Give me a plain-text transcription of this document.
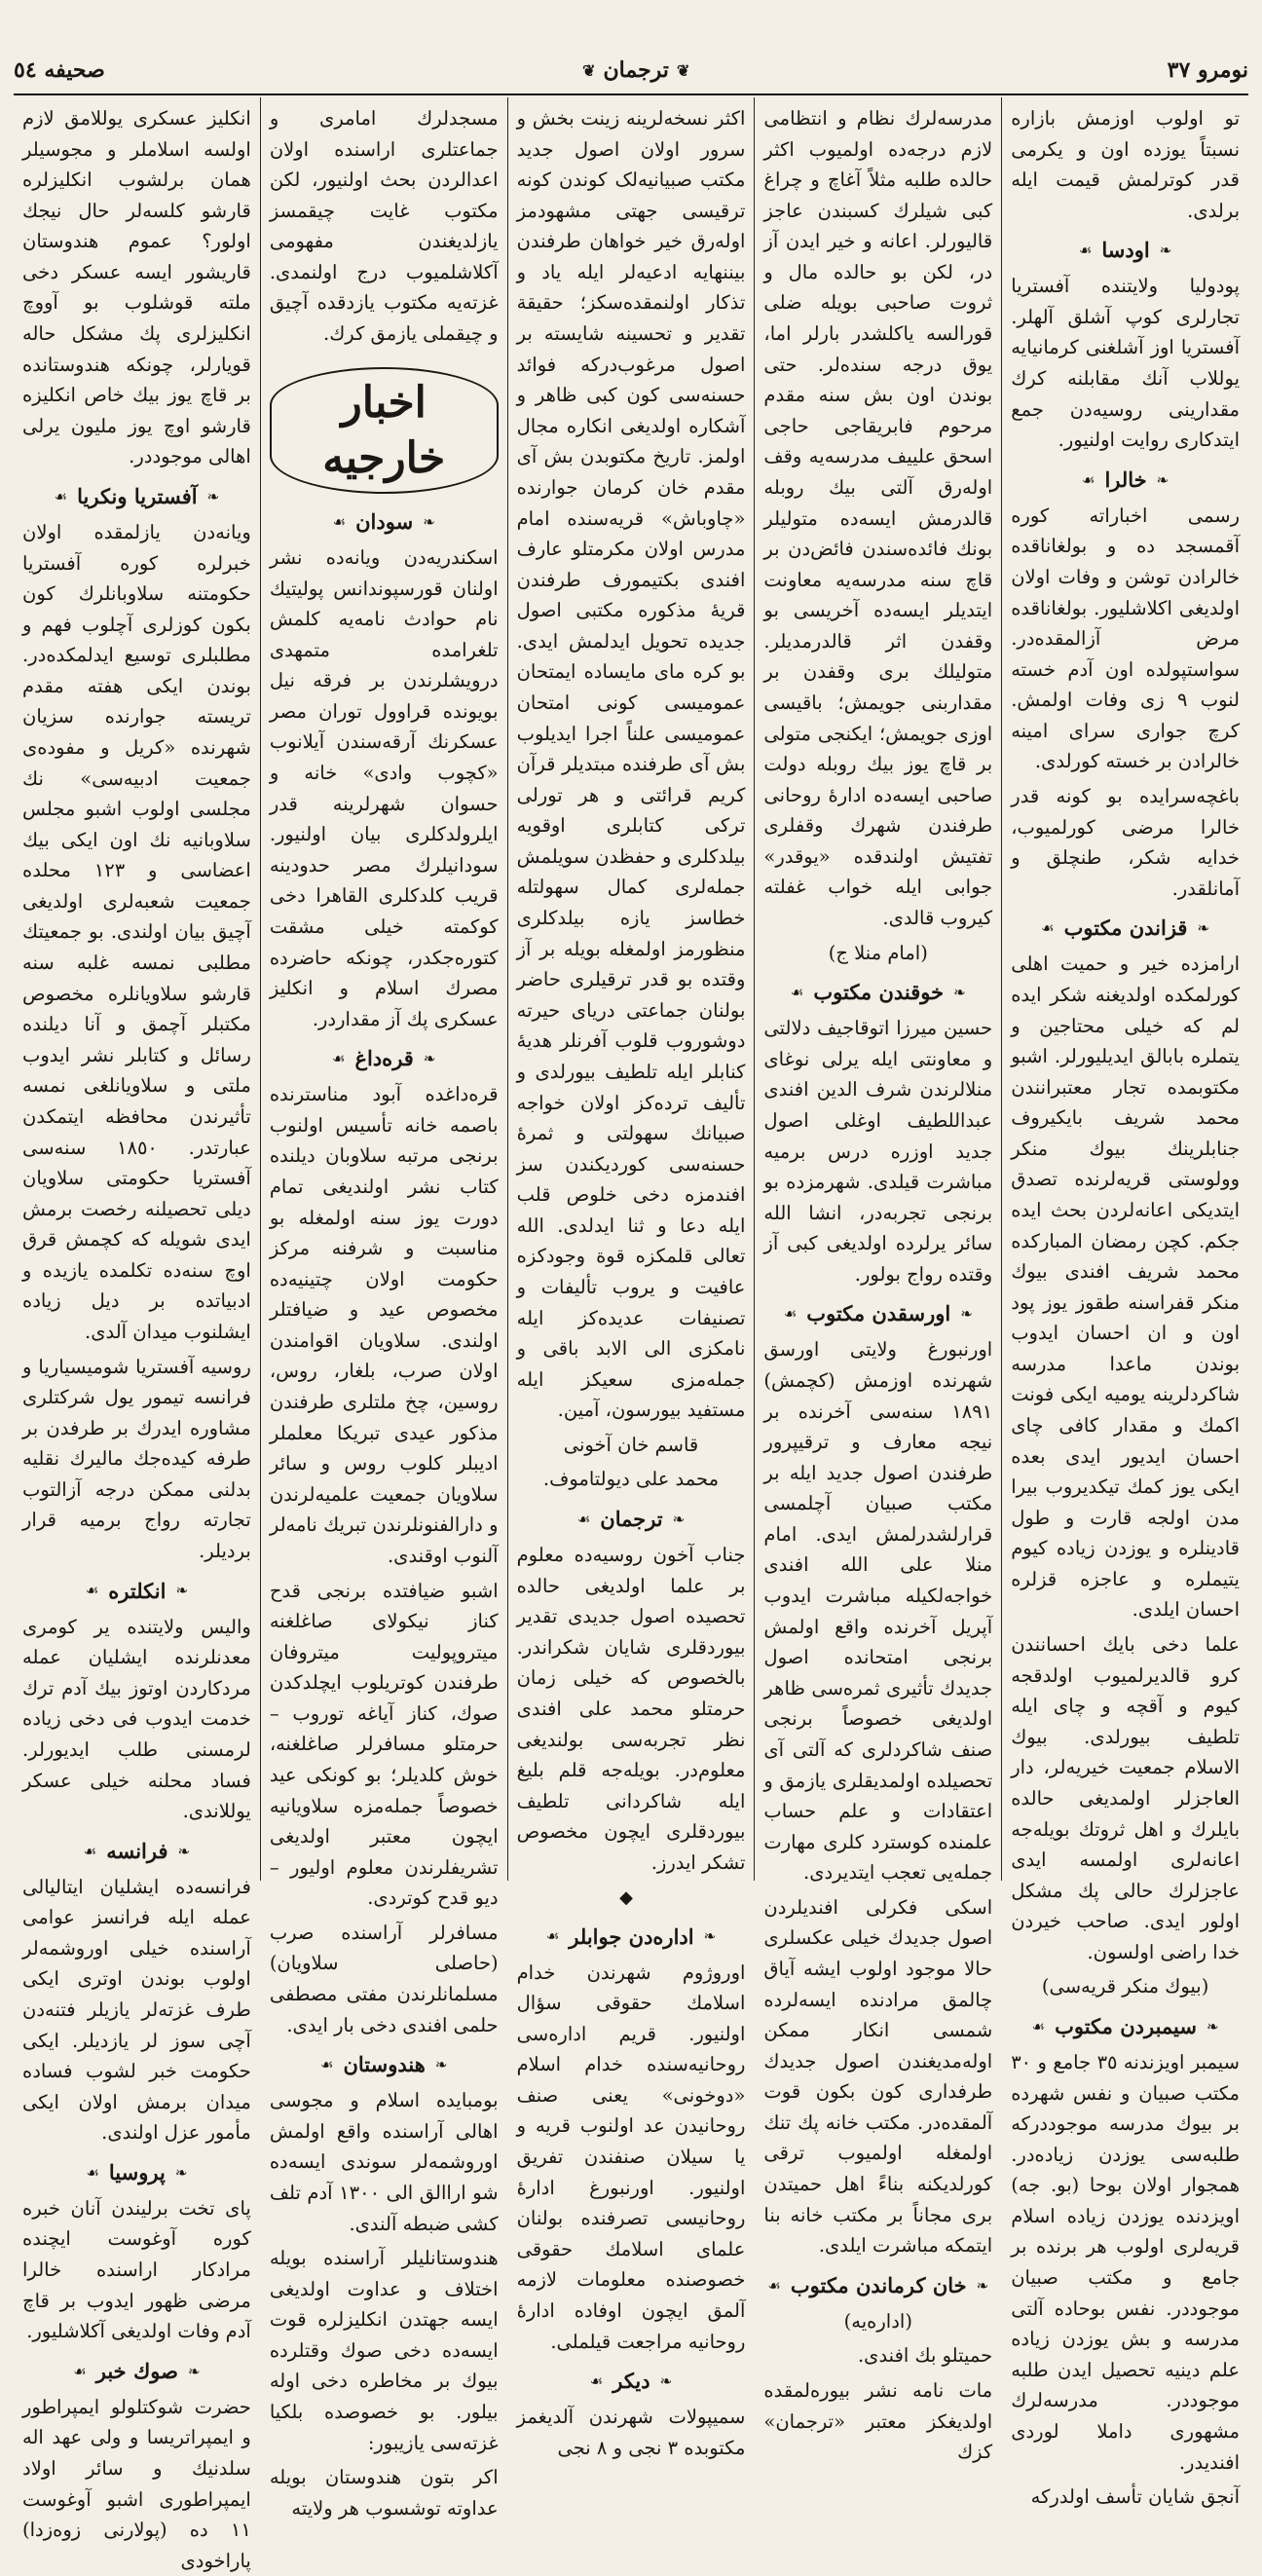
نومرو ٣٧
❦
ترجمان
❦
صحیفه ٥٤

تو اولوب اوزمش بازاره نسبتاً یوزده اون و یکرمی قدر کوترلمش قیمت ایله برلدی.

❧
اودسا
☙

پودولیا ولایتنده آفستریا تجارلری کوپ آشلق آلهلر. آفستریا اوز آشلغنی کرمانیایه یوللاب آنك مقابلنه کرك مقدارینی روسیه‌دن جمع ایتدکاری روایت اولنیور.

❧
خالرا
☙

رسمی اخباراته کوره آقمسجد ده و بولغاناقده خالرادن توشن و وفات اولان اولدیغی اکلاشلیور. بولغاناقده مرض آزالمقده‌در. سواستپولده اون آدم خسته لنوب ٩ زی وفات اولمش. کرچ جواری سرای امینه خالرادن بر خسته کورلدی.

باغچه‌سرایده بو کونه قدر خالرا مرضی کورلمیوب، خدایه شکر، طنچلق و آمانلقدر.

❧
قزاندن مکتوب
☙

ارامزده خیر و حمیت اهلی کورلمکده اولدیغنه شکر ایده لم که خیلی محتاجین و یتملره بابالق ایدیلیورلر. اشبو مکتوبمده تجار معتبرانندن محمد شریف بایکیروف جنابلرینك بیوك منکر وولوستی قریه‌لرنده تصدق ایتدیکی اعانه‌لردن بحث ایده جکم. کچن رمضان المبارکده محمد شریف افندی بیوك منکر قفراسنه طقوز یوز پود اون و ان احسان ایدوب بوندن ماعدا مدرسه شاکردلرینه یومیه ایکی فونت اکمك و مقدار کافی چای احسان ایدیور ایدی بعده ایکی یوز کمك تیکدیروب بیرا مدن اولجه قارت و طول قادینلره و یوزدن زیاده کیوم یتیملره و عاجزه قزلره احسان ایلدی.

علما دخی بایك احسانندن کرو قالدیرلمیوب اولدقجه کیوم و آقچه و چای ایله تلطیف بیورلدی. بیوك الاسلام جمعیت خیریه‌لر، دار العاجزلر اولمدیغی حالده بایلرك و اهل ثروتك بویله‌جه اعانه‌لری اولمسه ایدی عاجزلرك حالی پك مشکل اولور ایدی. صاحب خیردن خدا راضی اولسون.

(بیوك منکر قریه‌سی)
❧
سیمبردن مکتوب
☙

سیمبر اویزندنه ٣٥ جامع و ٣٠ مکتب صبیان و نفس شهرده بر بیوك مدرسه موجوددرکه طلبه‌سی یوزدن زیاده‌در. همجوار اولان بوحا (بو. جه) اویزدنده یوزدن زیاده اسلام قریه‌لری اولوب هر برنده بر جامع و مکتب صبیان موجوددر. نفس بوحاده آلتی مدرسه و بش یوزدن زیاده علم دینیه تحصیل ایدن طلبه موجوددر. مدرسه‌لرك مشهوری داملا لوردی افندیدر.

آنجق شایان تأسف اولدرکه

مدرسه‌لرك نظام و انتظامی لازم درجه‌ده اولمیوب اکثر حالده طلبه مثلاً آغاچ و چراغ کبی شیلرك کسبندن عاجز قالیورلر. اعانه و خیر ایدن آز در، لکن بو حالده مال و ثروت صاحبی بویله ضلی قورالسه یاکلشدر بارلر اما، یوق درجه سنده‌لر. حتی بوندن اون بش سنه مقدم مرحوم فابریقاجی حاجی اسحق علییف مدرسه‌یه وقف اوله‌رق آلتی بیك روبله قالدرمش ایسه‌ده متولیلر بونك فائده‌سندن فائض‌دن بر قاچ سنه مدرسه‌یه معاونت ایتدیلر ایسه‌ده آخریسی بو وقفدن اثر قالدرمدیلر. متولیلك بری وقفدن بر مقداربنی جویمش؛ باقیسی اوزی جویمش؛ ایکنجی متولی بر قاچ یوز بیك روبله دولت صاحبی ایسه‌ده ادارهٔ روحانی طرفندن شهرك وقفلری تفتیش اولندقده «یوقدر» جوابی ایله خواب غفلته کیروب قالدی.

(امام منلا ج)
❧
خوقندن مکتوب
☙

حسین میرزا اتوقاجیف دلالتی و معاونتی ایله یرلی نوغای منلالرندن شرف الدین افندی عبداللطیف اوغلی اصول جدید اوزره درس برمیه مباشرت قیلدی. شهرمزده بو برنجی تجربه‌در، انشا الله سائر یرلرده اولدیغی کبی آز وقتده رواج بولور.

❧
اورسقدن مکتوب
☙

اورنبورغ ولایتی اورسق شهرنده اوزمش (کچمش) ١٨٩١ سنه‌سی آخرنده بر نیجه معارف و ترقیپرور طرفندن اصول جدید ایله بر مکتب صبیان آچلمسی قرارلشدرلمش ایدی. امام منلا علی الله افندی خواجه‌لکیله مباشرت ایدوب آپریل آخرنده واقع اولمش برنجی امتحانده اصول جدیدك تأثیری ثمره‌سی ظاهر اولدیغی خصوصاً برنجی صنف شاکردلری که آلتی آی تحصیلده اولمدیقلری یازمق و اعتقادات و علم حساب علمنده کوسترد کلری مهارت جمله‌یی تعجب ایتدیردی.

اسکی فکرلی افندیلردن اصول جدیدك خیلی عکسلری حالا موجود اولوب ایشه آیاق چالمق مرادنده ایسه‌لرده شمسی انکار ممکن اوله‌مدیغندن اصول جدیدك طرفداری کون بکون قوت آلمقده‌در. مکتب خانه پك تنك اولمغله اولمیوب ترقی کورلدیکنه بناءً اهل حمیتدن بری مجاناً بر مکتب خانه بنا ایتمکه مباشرت ایلدی.

❧
خان کرماندن مکتوب
☙
(اداره‌یه)

حمیتلو بك افندی.

مات نامه نشر بیوره‌لمقده اولدیغکز معتبر «ترجمان» کزك

اکثر نسخه‌لرینه زینت بخش و سرور اولان اصول جدید مکتب صبیانیه‌لک کوندن کونه ترقیسی جهتی مشهودمز اوله‌رق خیر خواهان طرفندن بیننهایه ادعیه‌لر ایله یاد و تذکار اولنمقده‌سکز؛ حقیقة تقدیر و تحسینه شایسته بر اصول مرغوب‌درکه فوائد حسنه‌سی کون کبی ظاهر و آشکاره اولدیغی انکاره مجال اولمز. تاریخ مکتوبدن بش آی مقدم خان کرمان جوارنده «چاوباش» قریه‌سنده امام مدرس اولان مکرمتلو عارف افندی بکتیمورف طرفندن قریهٔ مذکوره مکتبی اصول جدیده تحویل ایدلمش ایدی. بو کره مای مایساده ایمتحان عمومیسی کونی امتحان عمومیسی علناً اجرا ایدیلوب بش آی طرفنده مبتدیلر قرآن کریم قرائتی و هر تورلی ترکی کتابلری اوقویه بیلدکلری و حفظدن سویلمش جمله‌لری کمال سهولتله خطاسز یازه بیلدکلری منظورمز اولمغله بویله بر آز وقتده بو قدر ترقیلری حاضر بولنان جماعتی دریای حیرته دوشوروب قلوب آفرنلر هدیهٔ کنابلر ایله تلطیف بیورلدی و تألیف ترده‌کز اولان خواجه صبیانك سهولتی و ثمرهٔ حسنه‌سی کوردیکندن سز افندمزه دخی خلوص قلب ایله دعا و ثنا ایدلدی. الله تعالی قلمکزه قوة وجودکزه عافیت و یروب تألیفات و تصنیفات عدیده‌کز ایله نامکزی الی الابد باقی و جمله‌مزی سعیکز ایله مستفید بیورسون، آمین.

قاسم خان آخونی
محمد علی دیولتاموف.
❧
ترجمان
☙

جناب آخون روسیه‌ده معلوم بر علما اولدیغی حالده تحصیده اصول جدیدی تقدیر بیوردقلری شایان شکراندر. بالخصوص که خیلی زمان حرمتلو محمد علی افندی نظر تجربه‌سی بولندیغی معلوم‌در. بویله‌جه قلم بلیغ ایله شاکردانی تلطیف بیوردقلری ایچون مخصوص تشکر ایدرز.

◆
❧
اداره‌دن جوابلر
☙

اوروژوم شهرندن خدام اسلامك حقوقی سؤال اولنیور. قریم اداره‌سی روحانیه‌سنده خدام اسلام «دوخونی» یعنی صنف روحانیدن عد اولنوب قریه و یا سیلان صنفندن تفریق اولنیور. اورنبورغ ادارهٔ روحانیسی تصرفنده بولنان علمای اسلامك حقوقی خصوصنده معلومات لازمه آلمق ایچون اوفاده ادارهٔ روحانیه مراجعت قیلملی.

❧
دیکر
☙

سمیپولات شهرندن آلدیغمز مکتوبده ٣ نجی و ٨ نجی

مسجدلرك امامری و جماعتلری اراسنده اولان اعدالردن بحث اولنیور، لکن مکتوب غایت چیقمسز یازلدیغندن مفهومی آکلاشلمیوب درج اولنمدی. غزته‌یه مکتوب یازدقده آچیق و چیقملی یازمق کرك.

اخبار خارجیه
❧
سودان
☙

اسکندریه‌دن ویانه‌ده نشر اولنان قورسپوندانس پولیتیك نام حوادث نامه‌یه کلمش تلغرامده متمهدی درویشلرندن بر فرقه نیل بویونده قراوول توران مصر عسکرنك آرقه‌سندن آیلانوب «کچوب وادی» خانه و حسوان شهرلرینه قدر ایلرولدکلری بیان اولنیور. سودانیلرك مصر حدودینه قریب کلدکلری القاهرا دخی کوکمته خیلی مشقت کتوره‌جکدر، چونکه حاضرده مصرك اسلام و انکلیز عسکری پك آز مقداردر.

❧
قره‌داغ
☙

قره‌داغده آبود مناسترنده باصمه خانه تأسیس اولنوب برنجی مرتبه سلاوبان دیلنده کتاب نشر اولندیغی تمام دورت یوز سنه اولمغله بو مناسبت و شرفنه مرکز حکومت اولان چتینیه‌ده مخصوص عید و ضیافتلر اولندی. سلاویان اقوامندن اولان صرب، بلغار، روس، روسین، چخ ملتلری طرفندن مذکور عیدی تبریکا معلملر ادیبلر کلوب روس و سائر سلاویان جمعیت علمیه‌لرندن و دارالفنونلرندن تبریك نامه‌لر آلنوب اوقندی.

اشبو ضیافتده برنجی قدح کناز نیکولای صاغلغنه میتروپولیت میتروفان طرفندن کوتریلوب ایچلدکدن صوك، کناز آیاغه توروب – حرمتلو مسافرلر صاغلغنه، خوش کلدیلر؛ بو کونکی عید خصوصاً جمله‌مزه سلاویانیه ایچون معتبر اولدیغی تشریفلرندن معلوم اولیور – دیو قدح کوتردی.

مسافرلر آراسنده صرب (حاصلی سلاویان) مسلمانلرندن مفتی مصطفی حلمی افندی دخی بار ایدی.

❧
هندوستان
☙

بومبایده اسلام و مجوسی اهالی آراسنده واقع اولمش اوروشمه‌لر سوندی ایسه‌ده شو اراالق الی ١٣٠٠ آدم تلف کشی ضبطه آلندی.

هندوستانلیلر آراسنده بویله اختلاف و عداوت اولدیغی ایسه جهتدن انکلیزلره قوت ایسه‌ده دخی صوك وقتلرده بیوك بر مخاطره دخی اوله بیلور. بو خصوصده بلکیا غزته‌سی یازیبور:

اکر بتون هندوستان بویله عداوته توشسوب هر ولایته

انکلیز عسکری یوللامق لازم اولسه اسلاملر و مجوسیلر همان برلشوب انکلیزلره قارشو کلسه‌لر حال نیجك اولور؟ عموم هندوستان قاریشور ایسه عسکر دخی ملته قوشلوب بو آووچ انکلیزلری پك مشکل حاله قویارلر، چونکه هندوستانده بر قاچ یوز بیك خاص انکلیزه قارشو اوچ یوز ملیون یرلی اهالی موجوددر.

❧
آفستریا ونکریا
☙

ویانه‌دن یازلمقده اولان خبرلره کوره آفستریا حکومتنه سلاوبانلرك کون بکون کوزلری آچلوب فهم و مطلبلری توسیع ایدلمکده‌در. بوندن ایکی هفته مقدم تریسته جوارنده سزیان شهرنده «کریل و مفوده‌ی جمعیت ادبیه‌سی» نك مجلسی اولوب اشبو مجلس سلاوبانیه نك اون ایکی بیك اعضاسی و ١٢٣ محلده جمعیت شعبه‌لری اولدیغی آچیق بیان اولندی. بو جمعیتك مطلبی نمسه غلبه سنه قارشو سلاویانلره مخصوص مکتبلر آچمق و آنا دیلنده رسائل و کتابلر نشر ایدوب ملتی و سلاویانلغی نمسه تأثیرندن محافظه ایتمکدن عبارتدر. ١٨٥٠ سنه‌سی آفستریا حکومتی سلاویان دیلی تحصیلنه رخصت برمش ایدی شویله که کچمش قرق اوچ سنه‌ده تکلمده یازیده و ادبیاتده بر دیل زیاده ایشلنوب میدان آلدی.

روسیه آفستریا شومیسیاریا و فرانسه تیمور یول شرکتلری مشاوره ایدرك بر طرفدن بر طرفه کیده‌جك مالیرك نقلیه بدلنی ممکن درجه آزالتوب تجارته رواج برمیه قرار بردیلر.

❧
انکلتره
☙

والیس ولایتنده یر کومری معدنلرنده ایشلیان عمله مردکاردن اوتوز بیك آدم ترك خدمت ایدوب فی دخی زیاده لرمسنی طلب ایدیورلر. فساد محلنه خیلی عسکر یوللاندی.

❧
فرانسه
☙

فرانسه‌ده ایشلیان ایتالیالی عمله ایله فرانسز عوامی آراسنده خیلی اوروشمه‌لر اولوب بوندن اوتری ایکی طرف غزته‌لر یازیلر فتنه‌دن آچی سوز لر یازدیلر. ایکی حکومت خبر لشوب فساده میدان برمش اولان ایکی مأمور عزل اولندی.

❧
پروسیا
☙

پای تخت برلیندن آنان خبره کوره آوغوست ایچنده مرادکار اراسنده خالرا مرضی ظهور ایدوب بر قاچ آدم وفات اولدیغی آکلاشلیور.

❧
صوك خبر
☙

حضرت شوکتلولو ایمپراطور و ایمپراتریسا و ولی عهد اله سلدنیك و سائر اولاد ایمپراطوری اشبو آوغوست ١١ ده (پولارنی زوه‌زدا) پاراخودی
